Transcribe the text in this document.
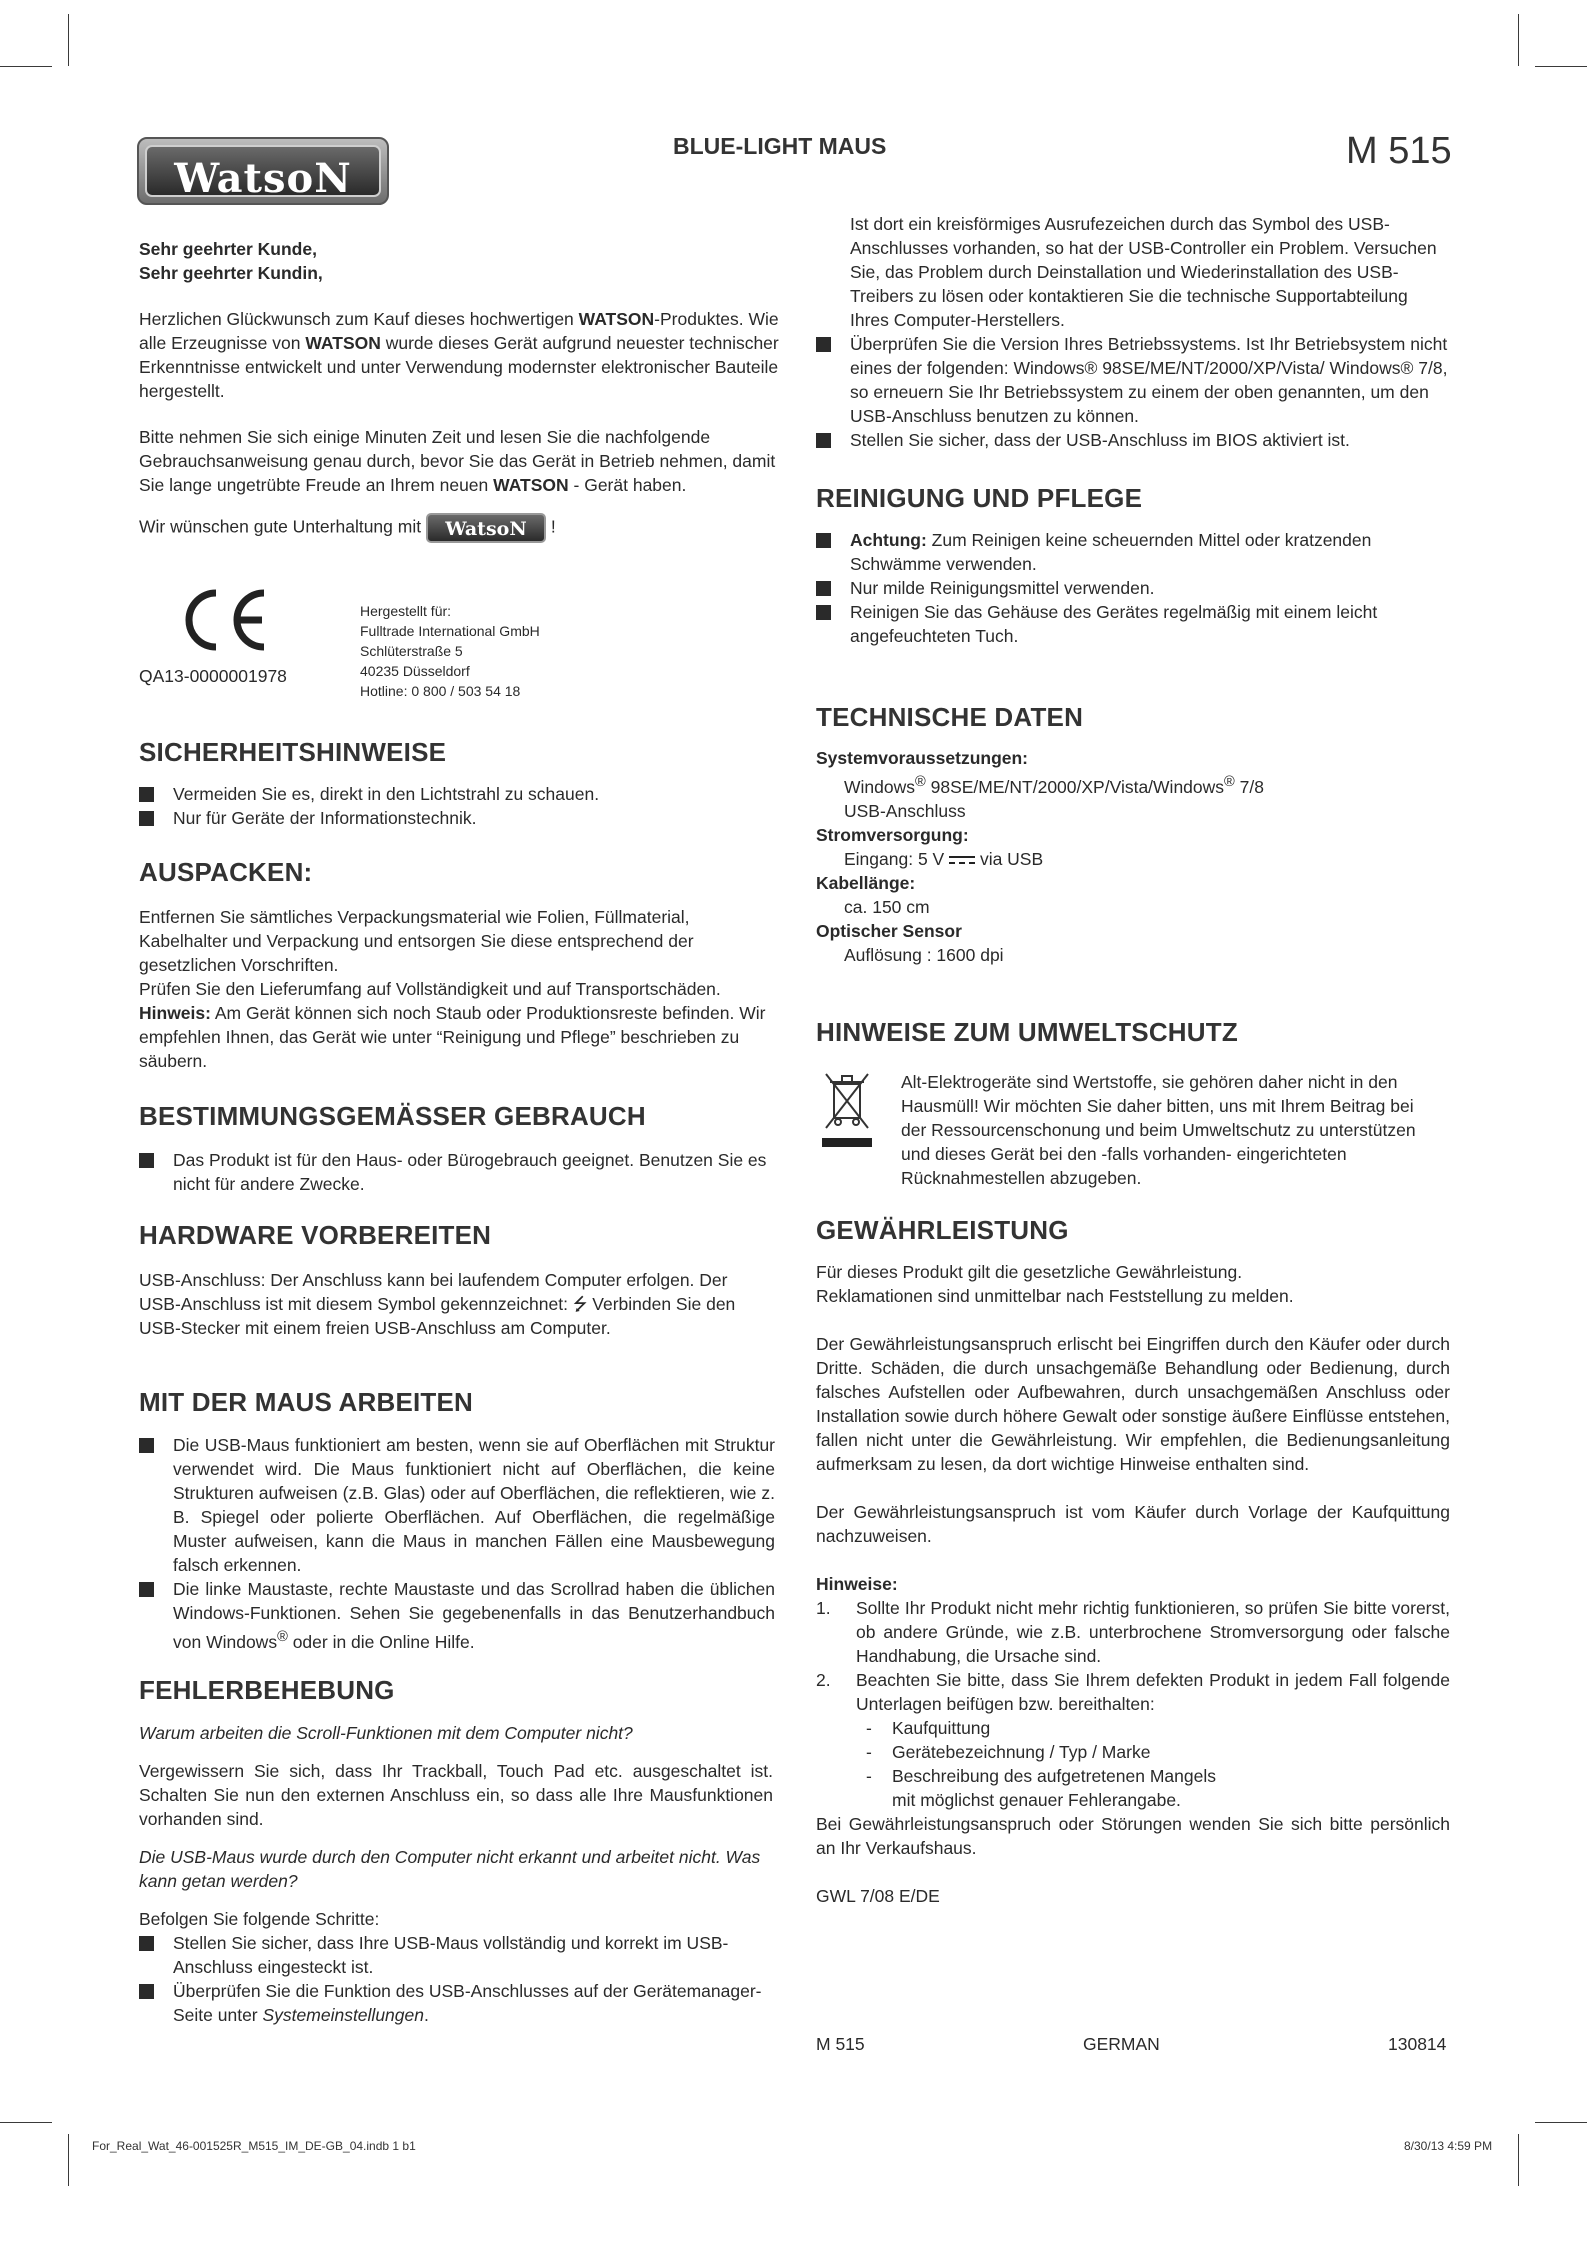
WatsoN
BLUE-LIGHT MAUS	M 515

Sehr geehrter Kunde,

Sehr geehrter Kundin,

Herzlichen Glückwunsch zum Kauf dieses hochwertigen WATSON-Produktes. Wie alle Erzeugnisse von WATSON wurde dieses Gerät aufgrund neuester technischer Erkenntnisse entwickelt und unter Verwendung modernster elektronischer Bauteile hergestellt.

Bitte nehmen Sie sich einige Minuten Zeit und lesen Sie die nachfolgende Gebrauchsanweisung genau durch, bevor Sie das Gerät in Betrieb nehmen, damit Sie lange ungetrübte Freude an Ihrem neuen WATSON - Gerät haben.

Wir wünschen gute Unterhaltung mit WatsoN !

QA13-0000001978

Hergestellt für:

Fulltrade International GmbH

Schlüterstraße 5

40235 Düsseldorf

Hotline: 0 800 / 503 54 18

SICHERHEITSHINWEISE
Vermeiden Sie es, direkt in den Lichtstrahl zu schauen.
Nur für Geräte der Informationstechnik.
AUSPACKEN:

Entfernen Sie sämtliches Verpackungsmaterial wie Folien, Füllmaterial, Kabelhalter und Verpackung und entsorgen Sie diese entsprechend der gesetzlichen Vorschriften.

Prüfen Sie den Lieferumfang auf Vollständigkeit und auf Transportschäden.

Hinweis: Am Gerät können sich noch Staub oder Produktionsreste befinden. Wir empfehlen Ihnen, das Gerät wie unter “Reinigung und Pflege” beschrieben zu säubern.

BESTIMMUNGSGEMÄSSER GEBRAUCH
Das Produkt ist für den Haus- oder Bürogebrauch geeignet. Benutzen Sie es nicht für andere Zwecke.
HARDWARE VORBEREITEN

USB-Anschluss: Der Anschluss kann bei laufendem Computer erfolgen. Der USB-Anschluss ist mit diesem Symbol gekennzeichnet: ⭍ Verbinden Sie den USB-Stecker mit einem freien USB-Anschluss am Computer.

MIT DER MAUS ARBEITEN
Die USB-Maus funktioniert am besten, wenn sie auf Oberflächen mit Struktur verwendet wird. Die Maus funktioniert nicht auf Oberflächen, die keine Strukturen aufweisen (z.B. Glas) oder auf Oberflächen, die reflektieren, wie z. B. Spiegel oder polierte Oberflächen. Auf Oberflächen, die regelmäßige Muster aufweisen, kann die Maus in manchen Fällen eine Mausbewegung falsch erkennen.
Die linke Maustaste, rechte Maustaste und das Scrollrad haben die üblichen Windows-Funktionen. Sehen Sie gegebenenfalls in das Benutzerhandbuch von Windows® oder in die Online Hilfe.
FEHLERBEHEBUNG

Warum arbeiten die Scroll-Funktionen mit dem Computer nicht?

Vergewissern Sie sich, dass Ihr Trackball, Touch Pad etc. ausgeschaltet ist. Schalten Sie nun den externen Anschluss ein, so dass alle Ihre Mausfunktionen vorhanden sind.

Die USB-Maus wurde durch den Computer nicht erkannt und arbeitet nicht. Was kann getan werden?

Befolgen Sie folgende Schritte:

Stellen Sie sicher, dass Ihre USB-Maus vollständig und korrekt im USB- Anschluss eingesteckt ist.
Überprüfen Sie die Funktion des USB-Anschlusses auf der Gerätemanager-Seite unter Systemeinstellungen.

Ist dort ein kreisförmiges Ausrufezeichen durch das Symbol des USB-Anschlusses vorhanden, so hat der USB-Controller ein Problem. Versuchen Sie, das Problem durch Deinstallation und Wiederinstallation des USB-Treibers zu lösen oder kontaktieren Sie die technische Supportabteilung Ihres Computer-Herstellers.

Überprüfen Sie die Version Ihres Betriebssystems. Ist Ihr Betriebsystem nicht eines der folgenden: Windows® 98SE/ME/NT/2000/XP/Vista/ Windows® 7/8, so erneuern Sie Ihr Betriebssystem zu einem der oben genannten, um den USB-Anschluss benutzen zu können.
Stellen Sie sicher, dass der USB-Anschluss im BIOS aktiviert ist.
REINIGUNG UND PFLEGE
Achtung: Zum Reinigen keine scheuernden Mittel oder kratzenden Schwämme verwenden.
Nur milde Reinigungsmittel verwenden.
Reinigen Sie das Gehäuse des Gerätes regelmäßig mit einem leicht angefeuchteten Tuch.
TECHNISCHE DATEN

Systemvoraussetzungen:

Windows® 98SE/ME/NT/2000/XP/Vista/Windows® 7/8

USB-Anschluss

Stromversorgung:

Eingang: 5 V  via USB

Kabellänge:

ca. 150 cm

Optischer Sensor

Auflösung : 1600 dpi

HINWEISE ZUM UMWELTSCHUTZ

Alt-Elektrogeräte sind Wertstoffe, sie gehören daher nicht in den Hausmüll! Wir möchten Sie daher bitten, uns mit Ihrem Beitrag bei der Ressourcenschonung und beim Umweltschutz zu unterstützen und dieses Gerät bei den -falls vorhanden- eingerichteten Rücknahmestellen abzugeben.

GEWÄHRLEISTUNG

Für dieses Produkt gilt die gesetzliche Gewährleistung.

Reklamationen sind unmittelbar nach Feststellung zu melden.

Der Gewährleistungsanspruch erlischt bei Eingriffen durch den Käufer oder durch Dritte. Schäden, die durch unsachgemäße Behandlung oder Bedienung, durch falsches Aufstellen oder Aufbewahren, durch unsachgemäßen Anschluss oder Installation sowie durch höhere Gewalt oder sonstige äußere Einflüsse entstehen, fallen nicht unter die Gewährleistung. Wir empfehlen, die Bedienungsanleitung aufmerksam zu lesen, da dort wichtige Hinweise enthalten sind.

Der Gewährleistungsanspruch ist vom Käufer durch Vorlage der Kaufquittung nachzuweisen.

Hinweise:

1. Sollte Ihr Produkt nicht mehr richtig funktionieren, so prüfen Sie bitte vorerst, ob andere Gründe, wie z.B. unterbrochene Stromversorgung oder falsche Handhabung, die Ursache sind.
2. Beachten Sie bitte, dass Sie Ihrem defekten Produkt in jedem Fall folgende Unterlagen beifügen bzw. bereithalten:
- Kaufquittung
- Gerätebezeichnung / Typ / Marke
- Beschreibung des aufgetretenen Mangels
mit möglichst genauer Fehlerangabe.

Bei Gewährleistungsanspruch oder Störungen wenden Sie sich bitte persönlich an Ihr Verkaufshaus.

GWL 7/08 E/DE

M 515	GERMAN	130814
For_Real_Wat_46-001525R_M515_IM_DE-GB_04.indb 1 b1	8/30/13 4:59 PM
